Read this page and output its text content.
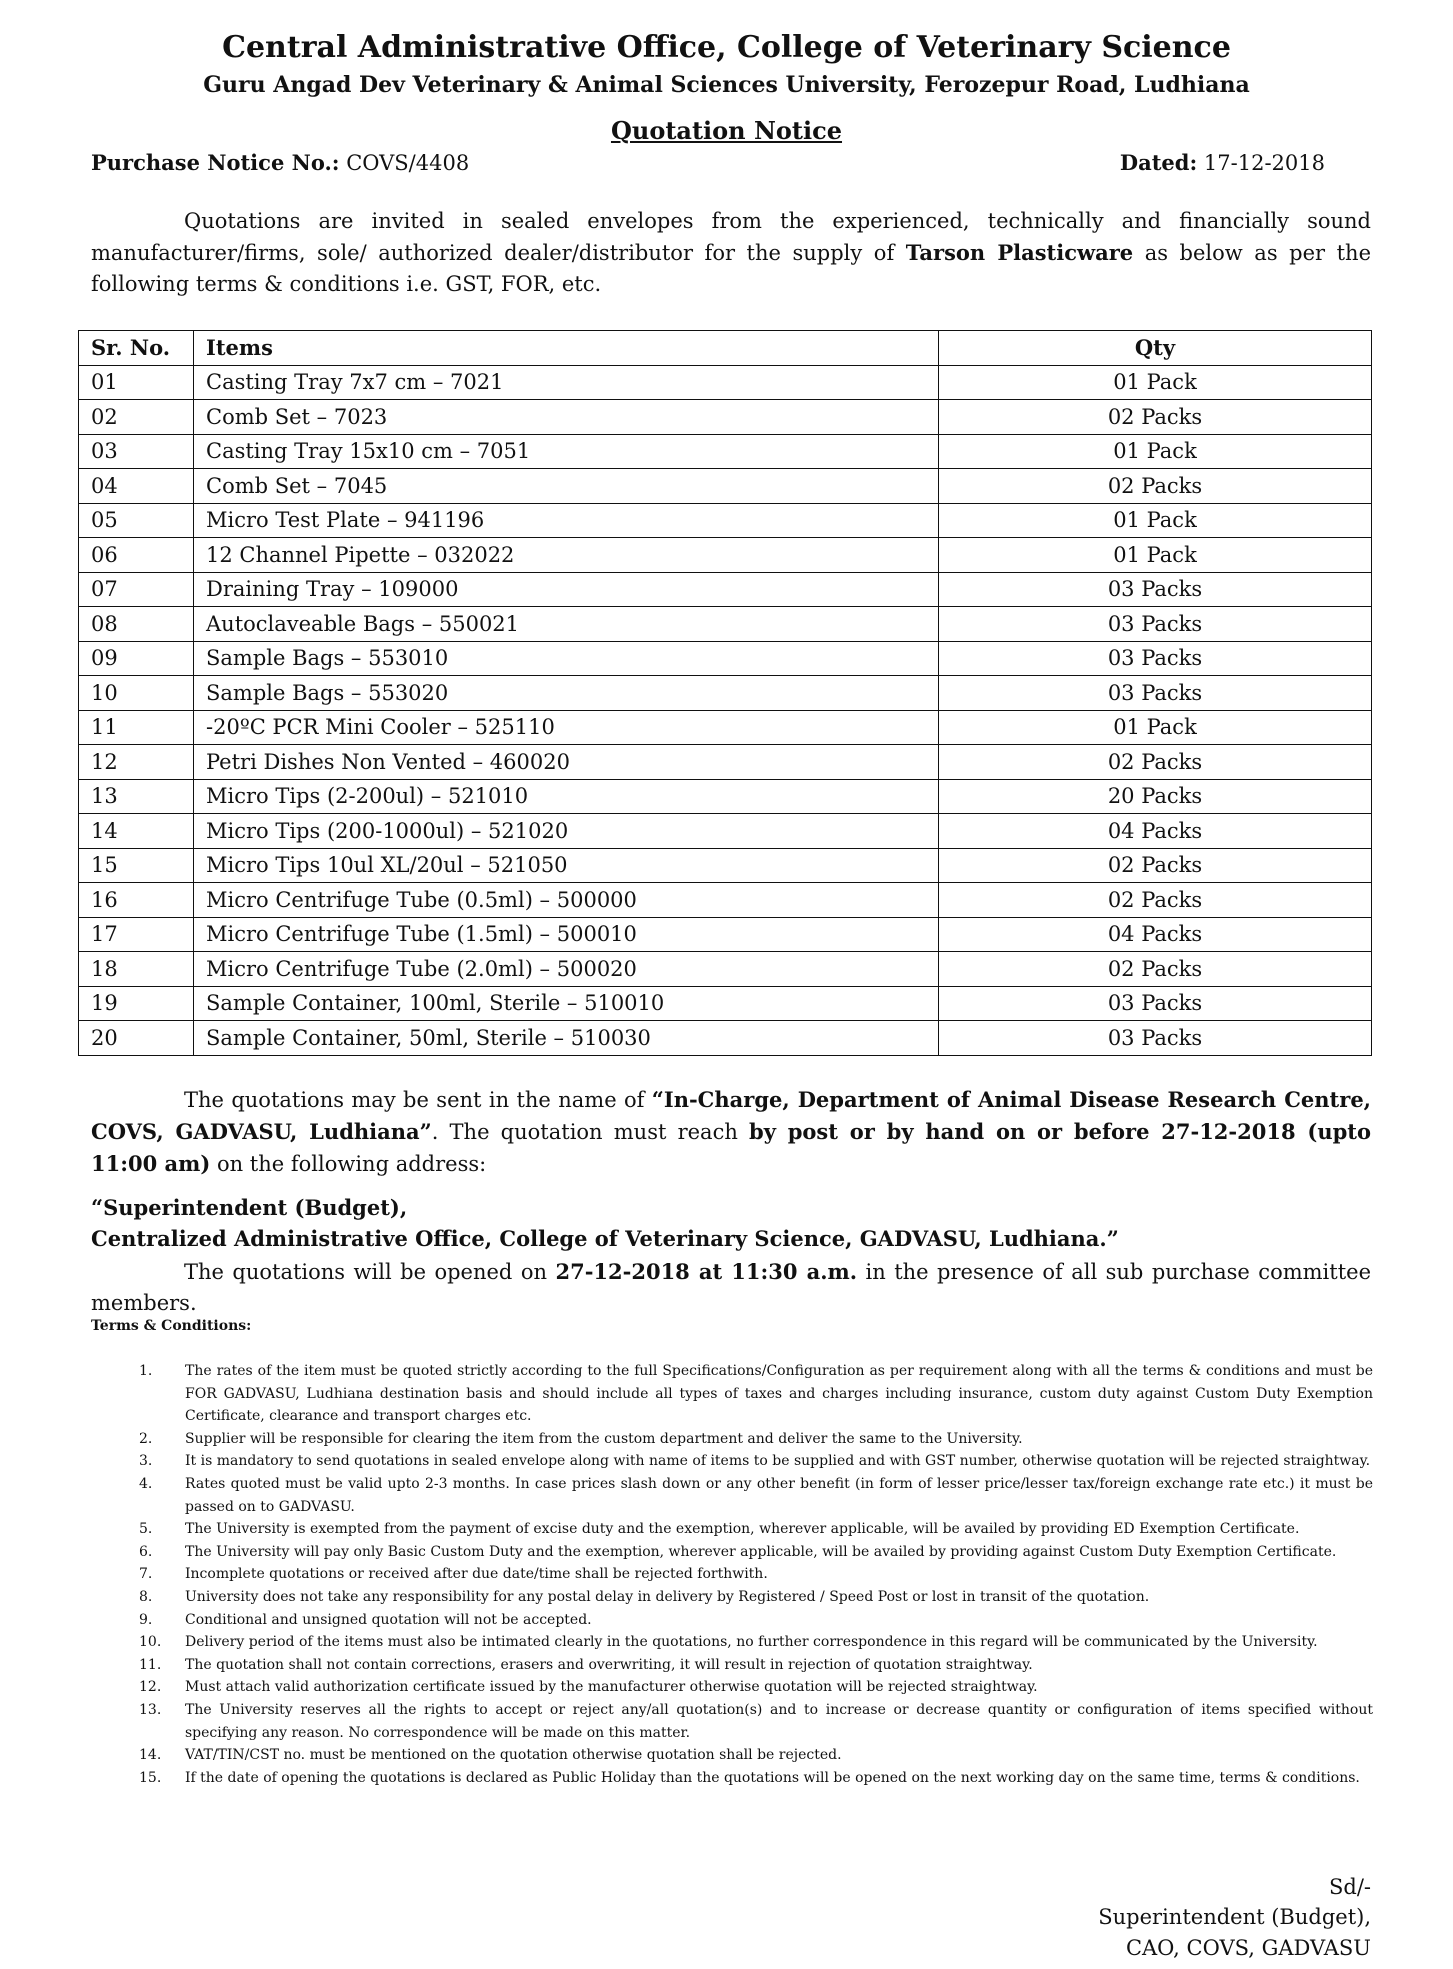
Central Administrative Office, College of Veterinary Science
Guru Angad Dev Veterinary & Animal Sciences University, Ferozepur Road, Ludhiana
Quotation Notice
Purchase Notice No.: COVS/4408	Dated: 17-12-2018
Quotations are invited in sealed envelopes from the experienced, technically and financially sound manufacturer/firms, sole/ authorized dealer/distributor for the supply of Tarson Plasticware as below as per the following terms & conditions i.e. GST, FOR, etc.
Sr. No.	Items	Qty
01	Casting Tray 7x7 cm – 7021	01 Pack
02	Comb Set – 7023	02 Packs
03	Casting Tray 15x10 cm – 7051	01 Pack
04	Comb Set – 7045	02 Packs
05	Micro Test Plate – 941196	01 Pack
06	12 Channel Pipette – 032022	01 Pack
07	Draining Tray – 109000	03 Packs
08	Autoclaveable Bags – 550021	03 Packs
09	Sample Bags – 553010	03 Packs
10	Sample Bags – 553020	03 Packs
11	-20ºC PCR Mini Cooler – 525110	01 Pack
12	Petri Dishes Non Vented – 460020	02 Packs
13	Micro Tips (2-200ul) – 521010	20 Packs
14	Micro Tips (200-1000ul) – 521020	04 Packs
15	Micro Tips 10ul XL/20ul – 521050	02 Packs
16	Micro Centrifuge Tube (0.5ml) – 500000	02 Packs
17	Micro Centrifuge Tube (1.5ml) – 500010	04 Packs
18	Micro Centrifuge Tube (2.0ml) – 500020	02 Packs
19	Sample Container, 100ml, Sterile – 510010	03 Packs
20	Sample Container, 50ml, Sterile – 510030	03 Packs
The quotations may be sent in the name of “In-Charge, Department of Animal Disease Research Centre, COVS, GADVASU, Ludhiana”. The quotation must reach by post or by hand on or before 27-12-2018 (upto 11:00 am) on the following address:
“Superintendent (Budget),
Centralized Administrative Office, College of Veterinary Science, GADVASU, Ludhiana.”
The quotations will be opened on 27-12-2018 at 11:30 a.m. in the presence of all sub purchase committee members.
Terms & Conditions:
1. The rates of the item must be quoted strictly according to the full Specifications/Configuration as per requirement along with all the terms & conditions and must be FOR GADVASU, Ludhiana destination basis and should include all types of taxes and charges including insurance, custom duty against Custom Duty Exemption Certificate, clearance and transport charges etc.
2. Supplier will be responsible for clearing the item from the custom department and deliver the same to the University.
3. It is mandatory to send quotations in sealed envelope along with name of items to be supplied and with GST number, otherwise quotation will be rejected straightway.
4. Rates quoted must be valid upto 2-3 months. In case prices slash down or any other benefit (in form of lesser price/lesser tax/foreign exchange rate etc.) it must be passed on to GADVASU.
5. The University is exempted from the payment of excise duty and the exemption, wherever applicable, will be availed by providing ED Exemption Certificate.
6. The University will pay only Basic Custom Duty and the exemption, wherever applicable, will be availed by providing against Custom Duty Exemption Certificate.
7. Incomplete quotations or received after due date/time shall be rejected forthwith.
8. University does not take any responsibility for any postal delay in delivery by Registered / Speed Post or lost in transit of the quotation.
9. Conditional and unsigned quotation will not be accepted.
10. Delivery period of the items must also be intimated clearly in the quotations, no further correspondence in this regard will be communicated by the University.
11. The quotation shall not contain corrections, erasers and overwriting, it will result in rejection of quotation straightway.
12. Must attach valid authorization certificate issued by the manufacturer otherwise quotation will be rejected straightway.
13. The University reserves all the rights to accept or reject any/all quotation(s) and to increase or decrease quantity or configuration of items specified without specifying any reason. No correspondence will be made on this matter.
14. VAT/TIN/CST no. must be mentioned on the quotation otherwise quotation shall be rejected.
15. If the date of opening the quotations is declared as Public Holiday than the quotations will be opened on the next working day on the same time, terms & conditions.
Sd/-
Superintendent (Budget),
CAO, COVS, GADVASU
